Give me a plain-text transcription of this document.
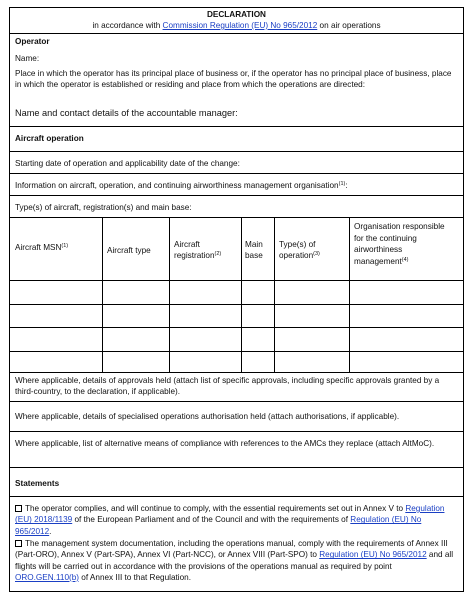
DECLARATION
in accordance with Commission Regulation (EU) No 965/2012 on air operations
Operator
Name:
Place in which the operator has its principal place of business or, if the operator has no principal place of business, place in which the operator is established or residing and place from which the operations are directed:
Name and contact details of the accountable manager:
Aircraft operation
Starting date of operation and applicability date of the change:
Information on aircraft, operation, and continuing airworthiness management organisation$^{(1)}$:
Type(s) of aircraft, registration(s) and main base:
Aircraft MSN$^{(1)}$	Aircraft type
Aircraft registration$^{(2)}$
Main base
Type(s) of operation$^{(3)}$
Organisation responsible for the continuing airworthiness management$^{(4)}$
Where applicable, details of approvals held (attach list of specific approvals, including specific approvals granted by a third-country, to the declaration, if applicable).
Where applicable, details of specialised operations authorisation held (attach authorisations, if applicable).
Where applicable, list of alternative means of compliance with references to the AMCs they replace (attach AltMoC).
Statements
The operator complies, and will continue to comply, with the essential requirements set out in Annex V to Regulation (EU) 2018/1139 of the European Parliament and of the Council and with the requirements of Regulation (EU) No 965/2012.
The management system documentation, including the operations manual, comply with the requirements of Annex III (Part-ORO), Annex V (Part-SPA), Annex VI (Part-NCC), or Annex VIII (Part-SPO) to Regulation (EU) No 965/2012 and all flights will be carried out in accordance with the provisions of the operations manual as required by point ORO.GEN.110(b) of Annex III to that Regulation.
